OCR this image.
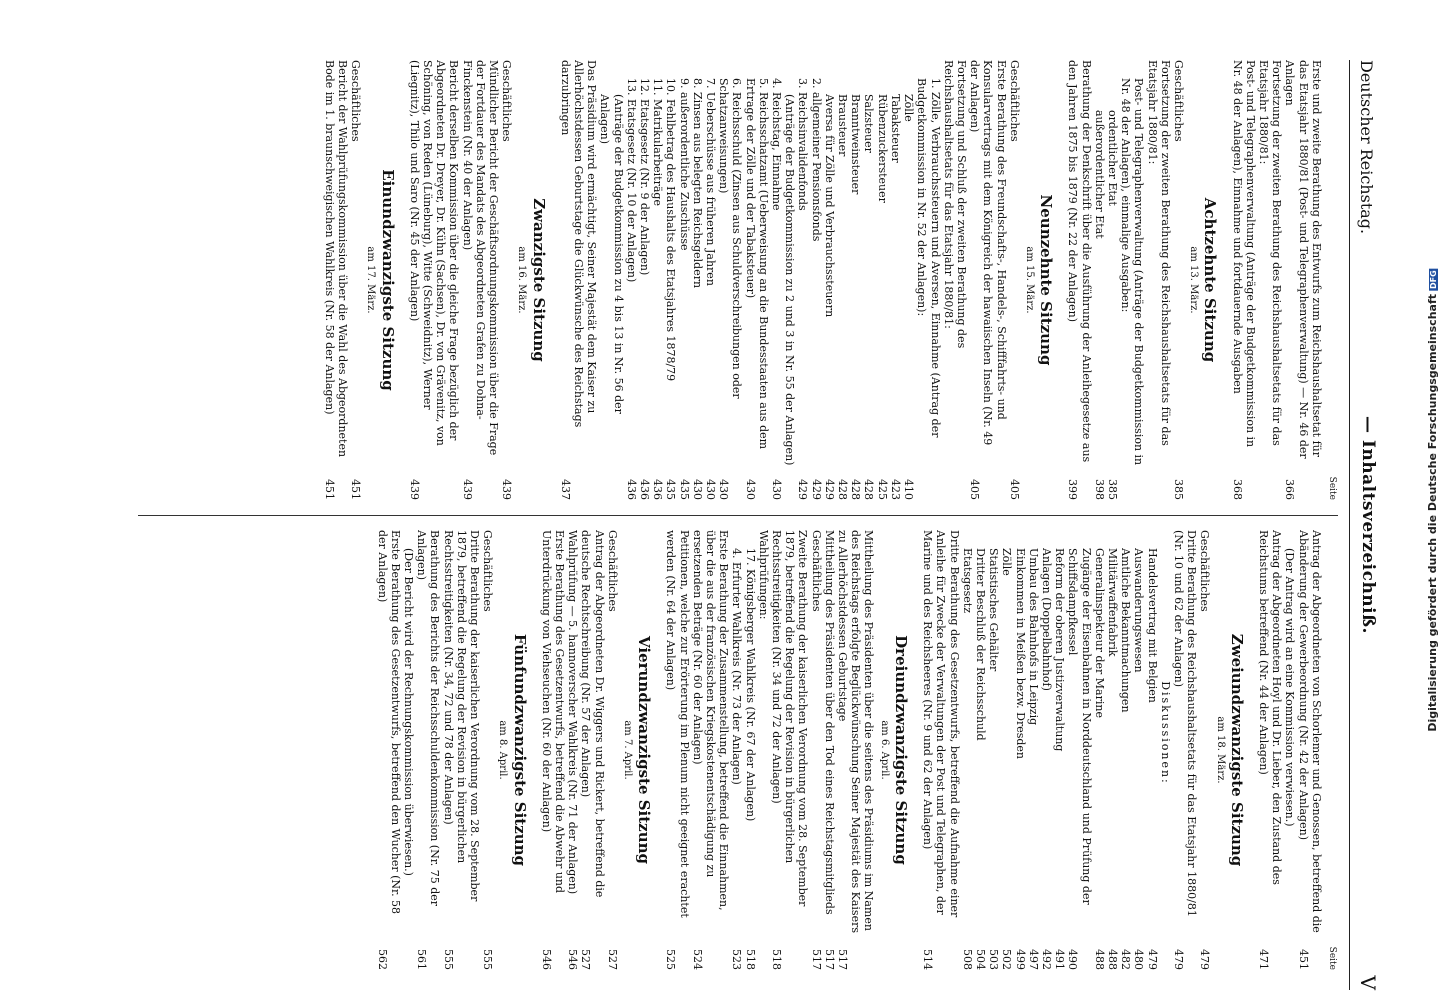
Deutscher Reichstag.
— Inhaltsverzeichniß.
V
Seite
Erste und zweite Berathung des Entwurfs zum Reichshaushaltsetat für das Etatsjahr 1880/81 (Post- und Telegraphenverwaltung) — Nr. 46 der Anlagen
366
Fortsetzung der zweiten Berathung des Reichshaushaltsetats für das Etatsjahr 1880/81:
Post- und Telegraphenverwaltung (Anträge der Budgetkommission in Nr. 48 der Anlagen), Einnahme und fortdauernde Ausgaben
368
Achtzehnte Sitzung
am 13. März.
Geschäftliches
385
Fortsetzung der zweiten Berathung des Reichshaushaltsetats für das Etatsjahr 1880/81:
Post- und Telegraphenverwaltung (Anträge der Budgetkommission in Nr. 48 der Anlagen), einmalige Ausgaben:
ordentlicher Etat
385
außerordentlicher Etat
398
Berathung der Denkschrift über die Ausführung der Anleihegesetze aus den Jahren 1875 bis 1879 (Nr. 22 der Anlagen)
399
Neunzehnte Sitzung
am 15. März.
Geschäftliches
405
Erste Berathung des Freundschafts-, Handels-, Schifffahrts- und Konsularvertrags mit dem Königreich der hawaiischen Inseln (Nr. 49 der Anlagen)
405
Fortsetzung und Schluß der zweiten Berathung des Reichshaushaltsetats für das Etatsjahr 1880/81:
1. Zölle, Verbrauchssteuern und Aversen, Einnahme (Antrag der Budgetkommission in Nr. 52 der Anlagen):
Zölle
410
Tabaksteuer
423
Rübenzuckersteuer
425
Salzsteuer
428
Branntweinsteuer
428
Brausteuer
428
Aversa für Zölle und Verbrauchssteuern
429
2. allgemeiner Pensionsfonds
429
3. Reichsinvalidenfonds
429
(Anträge der Budgetkommission zu 2 und 3 in Nr. 55 der Anlagen)
4. Reichstag, Einnahme
430
5. Reichsschatzamt (Ueberweisung an die Bundesstaaten aus dem Ertrage der Zölle und der Tabaksteuer)
430
6. Reichsschuld (Zinsen aus Schuldverschreibungen oder Schatzanweisungen)
430
7. Ueberschüsse aus früheren Jahren
430
8. Zinsen aus belegten Reichsgeldern
430
9. außerordentliche Zuschüsse
435
10. Fehlbetrag des Haushalts des Etatsjahres 1878/79
435
11. Matrikularbeiträge
436
12. Etatsgesetz (Nr. 9 der Anlagen)
436
13. Etatsgesetz (Nr. 10 der Anlagen)
436
(Anträge der Budgetkommission zu 4 bis 13 in Nr. 56 der Anlagen)
Das Präsidium wird ermächtigt, Seiner Majestät dem Kaiser zu Allerhöchstdessen Geburtstage die Glückwünsche des Reichstags darzubringen
437
Zwanzigste Sitzung
am 16. März.
Geschäftliches
439
Mündlicher Bericht der Geschäftsordnungskommission über die Frage der Fortdauer des Mandats des Abgeordneten Grafen zu Dohna-Finckenstein (Nr. 40 der Anlagen)
439
Bericht derselben Kommission über die gleiche Frage bezüglich der Abgeordneten Dr. Dreyer, Dr. Kühn (Sachsen), Dr. von Grävenitz, von Schöning, von Reden (Lüneburg), Witte (Schweidnitz), Werner (Liegnitz), Thilo und Saro (Nr. 45 der Anlagen)
439
Einundzwanzigste Sitzung
am 17. März.
Geschäftliches
451
Bericht der Wahlprüfungskommission über die Wahl des Abgeordneten Bode im 1. braunschweigischen Wahlkreis (Nr. 58 der Anlagen)
451
Seite
Antrag der Abgeordneten von Schorlemer und Genossen, betreffend die Abänderung der Gewerbeordnung (Nr. 42 der Anlagen)
451
(Der Antrag wird an eine Kommission verwiesen.)
Antrag der Abgeordneten Hoyl und Dr. Lieber, den Zustand des Reichstums betreffend (Nr. 44 der Anlagen)
471
Zweiundzwanzigste Sitzung
am 18. März.
Geschäftliches
479
Dritte Berathung des Reichshaushaltsetats für das Etatsjahr 1880/81 (Nr. 10 und 62 der Anlagen)
479
Diskussionen:
Handelsvertrag mit Belgien
479
Auswanderungswesen
480
Amtliche Bekanntmachungen
482
Militärwaffenfabrik
488
Generalinspekteur der Marine
488
Zugänge der Eisenbahnen in Norddeutschland und Prüfung der Schiffsdampfkessel
490
Reform der oberen Justizverwaltung
491
Anlagen (Doppelbahnhof)
492
Umbau des Bahnhofs in Leipzig
497
Einkommen in Meißen bezw. Dresden
499
Zölle
502
Statistisches Gehälter
503
Dritter Beschluß der Reichsschuld
504
Etatsgesetz
508
Dritte Berathung des Gesetzentwurfs, betreffend die Aufnahme einer Anleihe für Zwecke der Verwaltungen der Post und Telegraphen, der Marine und des Reichsheeres (Nr. 9 und 62 der Anlagen)
514
Dreiundzwanzigste Sitzung
am 6. April.
Mittheilung des Präsidenten über die seitens des Präsidiums im Namen des Reichstags erfolgte Beglückwünschung Seiner Majestät des Kaisers zu Allerhöchstdessen Geburtstage
517
Mittheilung des Präsidenten über den Tod eines Reichstagsmitglieds
517
Geschäftliches
517
Zweite Berathung der kaiserlichen Verordnung vom 28. September 1879, betreffend die Regelung der Revision in bürgerlichen Rechtsstreitigkeiten (Nr. 34 und 72 der Anlagen)
518
Wahlprüfungen:
17. Königsberger Wahlkreis (Nr. 67 der Anlagen)
518
4. Erfurter Wahlkreis (Nr. 73 der Anlagen)
523
Erste Berathung der Zusammenstellung, betreffend die Einnahmen, über die aus der französischen Kriegskostenentschädigung zu ersetzenden Beträge (Nr. 60 der Anlagen)
524
Petitionen, welche zur Erörterung im Plenum nicht geeignet erachtet werden (Nr. 64 der Anlagen)
525
Vierundzwanzigste Sitzung
am 7. April.
Geschäftliches
527
Antrag der Abgeordneten Dr. Wiggers und Rickert, betreffend die deutsche Rechtschreibung (Nr. 57 der Anlagen)
527
Wahlprüfung — 5. hannoverscher Wahlkreis (Nr. 71 der Anlagen)
546
Erste Berathung des Gesetzentwurfs, betreffend die Abwehr und Unterdrückung von Viehseuchen (Nr. 60 der Anlagen)
546
Fünfundzwanzigste Sitzung
am 8. April.
Geschäftliches
555
Dritte Berathung der kaiserlichen Verordnung vom 28. September 1879, betreffend die Regelung der Revision in bürgerlichen Rechtsstreitigkeiten (Nr. 34, 72 und 78 der Anlagen)
555
Berathung des Berichts der Reichsschuldenkommission (Nr. 75 der Anlagen)
561
(Der Bericht wird der Rechnungskommission überwiesen.)
Erste Berathung des Gesetzentwurfs, betreffend den Wucher (Nr. 58 der Anlagen)
562
Digitalisierung gefördert durch die Deutsche ForschungsgemeinschaftDFG
